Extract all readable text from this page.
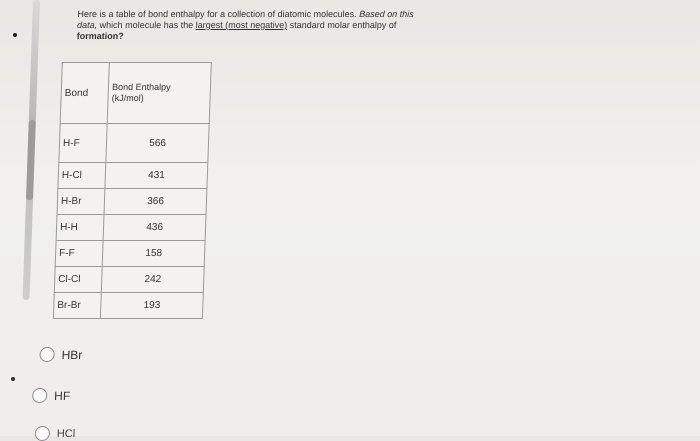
Here is a table of bond enthalpy for a collection of diatomic molecules. Based on this
data, which molecule has the largest (most negative) standard molar enthalpy of
formation?
Bond	Bond Enthalpy
(kJ/mol)
H-F	566
H-Cl	431
H-Br	366
H-H	436
F-F	158
Cl-Cl	242
Br-Br	193
HBr
HF
HCl
